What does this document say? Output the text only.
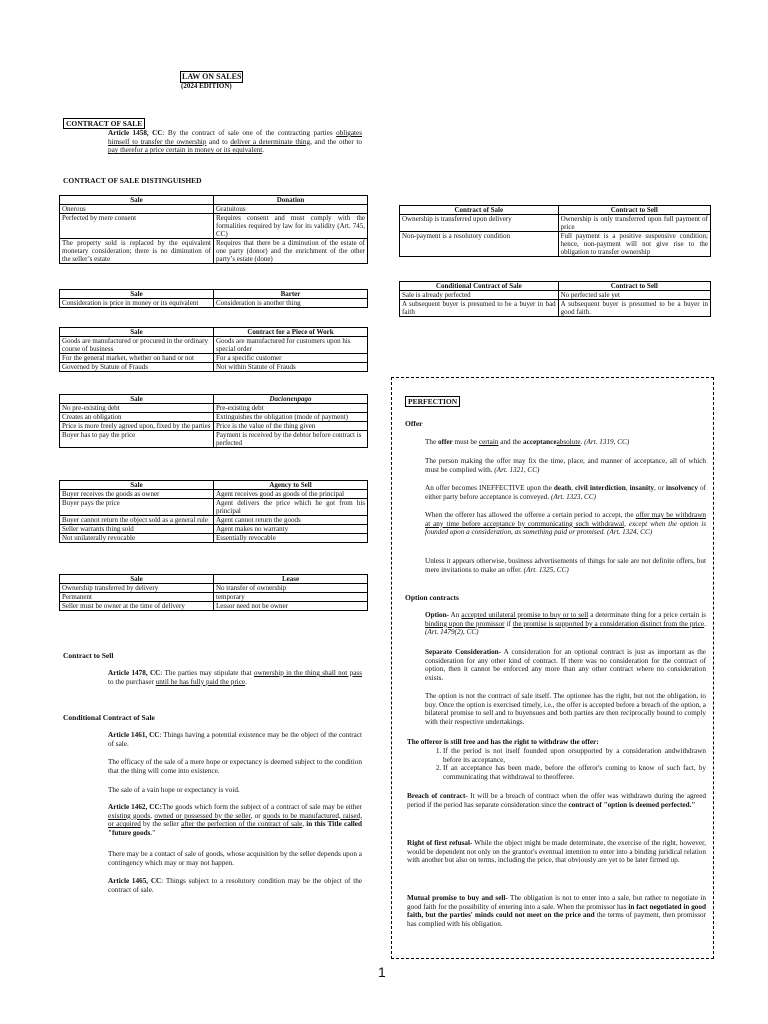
LAW ON SALES
(2024 EDITION)
CONTRACT OF SALE
Article 1458, CC: By the contract of sale one of the contracting parties obligates himself to transfer the ownership and to deliver a determinate thing, and the other to pay therefor a price certain in money or its equivalent.
CONTRACT OF SALE DISTINGUISHED
Sale	Donation
Onerous	Gratuitous
Perfected by mere consent	Requires consent and must comply with the formalities required by law for its validity (Art. 745, CC)
The property sold is replaced by the equivalent monetary consideration; there is no diminution of the seller’s estate	Requires that there be a diminution of the estate of one party (donor) and the enrichment of the other party’s estate (done)
Sale	Barter
Consideration is price in money or its equivalent	Consideration is another thing
Sale	Contract for a Piece of Work
Goods are manufactured or procured in the ordinary course of business	Goods are manufactured for customers upon his special order
For the general market, whether on hand or not	For a specific customer
Governed by Statute of Frauds	Not within Statute of Frauds
Sale	Dacionenpago
No pre-existing debt	Pre-existing debt
Creates an obligation	Extinguishes the obligation (mode of payment)
Price is more freely agreed upon, fixed by the parties	Price is the value of the thing given
Buyer has to pay the price	Payment is received by the debtor before contract is perfected
Sale	Agency to Sell
Buyer receives the goods as owner	Agent receives good as goods of the principal
Buyer pays the price	Agent delivers the price which he got from his principal
Buyer cannot return the object sold as a general rule	Agent cannot return the goods
Seller warrants thing sold	Agent makes no warranty
Not unilaterally revocable	Essentially revocable
Sale	Lease
Ownership transferred by delivery	No transfer of ownership
Permanent	temporary
Seller must be owner at the time of delivery	Lessor need not be owner
Contract of Sale	Contract to Sell
Ownership is transferred upon delivery	Ownership is only transferred upon full payment of price
Non-payment is a resolutory condition	Full payment is a positive suspensive condition; hence, non-payment will not give rise to the obligation to transfer ownership
Conditional Contract of Sale	Contract to Sell
Sale is already perfected	No perfected sale yet
A subsequent buyer is presumed to be a buyer in bad faith	A subsequent buyer is presumed to be a buyer in good faith.
Contract to Sell
Article 1478, CC: The parties may stipulate that ownership in the thing shall not pass to the purchaser until he has fully paid the price.
Conditional Contract of Sale
Article 1461, CC: Things having a potential existence may be the object of the contract of sale.
The efficacy of the sale of a mere hope or expectancy is deemed subject to the condition that the thing will come into existence.
The sale of a vain hope or expectancy is void.
Article 1462, CC:The goods which form the subject of a contract of sale may be either existing goods, owned or possessed by the seller, or goods to be manufactured, raised, or acquired by the seller after the perfection of the contract of sale, in this Title called "future goods."
There may be a contact of sale of goods, whose acquisition by the seller depends upon a contingency which may or may not happen.
Article 1465, CC: Things subject to a resolutory condition may be the object of the contract of sale.
PERFECTION
Offer
The offer must be certain and the acceptanceabsolute. (Art. 1319, CC)
The person making the offer may fix the time, place, and manner of acceptance, all of which must be complied with. (Art. 1321, CC)
An offer becomes INEFFECTIVE upon the death, civil interdiction, insanity, or insolvency of either party before acceptance is conveyed. (Art. 1323, CC)
When the offerer has allowed the offeree a certain period to accept, the offer may be withdrawn at any time before acceptance by communicating such withdrawal, except when the option is founded upon a consideration, as something paid or promised. (Art. 1324, CC)
Unless it appears otherwise, business advertisements of things for sale are not definite offers, but mere invitations to make an offer. (Art. 1325, CC)
Option contracts
Option- An accepted unilateral promise to buy or to sell a determinate thing for a price certain is binding upon the promissor if the promise is supported by a consideration distinct from the price. (Art. 1479(2), CC)
Separate Consideration- A consideration for an optional contract is just as important as the consideration for any other kind of contract. If there was no consideration for the contract of option, then it cannot be enforced any more than any other contract where no consideration exists.
The option is not the contract of sale itself. The optionee has the right, but not the obligation, to buy. Once the option is exercised timely, i.e., the offer is accepted before a breach of the option, a bilateral promise to sell and to buyensues and both parties are then reciprocally bound to comply with their respective undertakings.
The offeror is still free and has the right to withdraw the offer:
1. If the period is not itself founded upon orsupported by a consideration andwithdrawn before its acceptance,
2. If an acceptance has been made, before the offeror's coming to know of such fact, by communicating that withdrawal to theofferee.
Breach of contract- It will be a breach of contract when the offer was withdrawn during the agreed period if the period has separate consideration since the contract of "option is deemed perfected."
Right of first refusal- While the object might be made determinate, the exercise of the right, however, would be dependent not only on the grantor's eventual intention to enter into a binding juridical relation with another but also on terms, including the price, that obviously are yet to be later firmed up.
Mutual promise to buy and sell- The obligation is not to enter into a sale, but rather to negotiate in good faith for the possibility of entering into a sale. When the promissor has in fact negotiated in good faith, but the parties' minds could not meet on the price and the terms of payment, then promissor has complied with his obligation.
1
